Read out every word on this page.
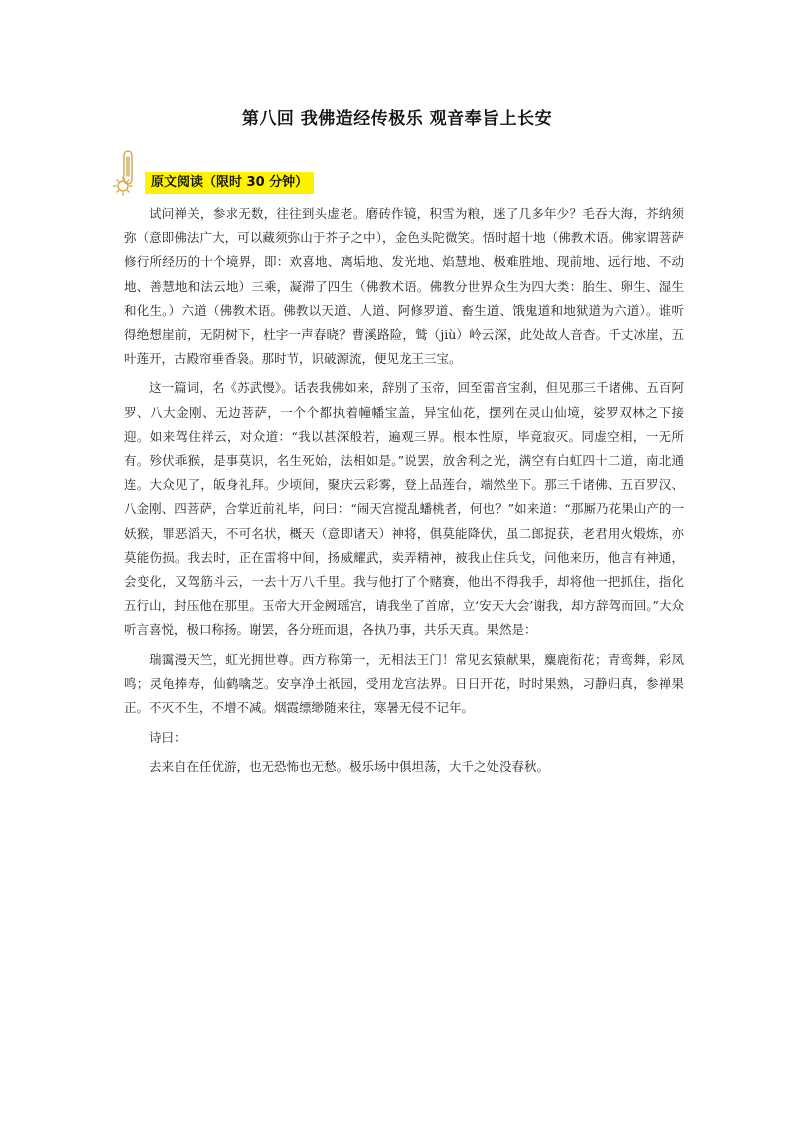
第八回 我佛造经传极乐 观音奉旨上长安
原文阅读（限时 30 分钟）

试问禅关，参求无数，往往到头虚老。磨砖作镜，积雪为粮，迷了几多年少？毛吞大海，芥纳须弥（意即佛法广大，可以藏须弥山于芥子之中），金色头陀微笑。悟时超十地（佛教术语。佛家谓菩萨修行所经历的十个境界，即：欢喜地、离垢地、发光地、焰慧地、极难胜地、现前地、远行地、不动地、善慧地和法云地）三乘，凝滞了四生（佛教术语。佛教分世界众生为四大类：胎生、卵生、湿生和化生。）六道（佛教术语。佛教以天道、人道、阿修罗道、畜生道、饿鬼道和地狱道为六道）。谁听得绝想崖前，无阴树下，杜宇一声春晓？曹溪路险，鹫（jiù）岭云深，此处故人音杳。千丈冰崖，五叶莲开，古殿帘垂香袅。那时节，识破源流，便见龙王三宝。

这一篇词，名《苏武慢》。话表我佛如来，辞别了玉帝，回至雷音宝刹，但见那三千诸佛、五百阿罗、八大金刚、无边菩萨，一个个都执着幢幡宝盖，异宝仙花，摆列在灵山仙境，娑罗双林之下接迎。如来驾住祥云，对众道：“我以甚深般若，遍观三界。根本性原，毕竟寂灭。同虚空相，一无所有。殄伏乖猴，是事莫识，名生死始，法相如是。”说罢，放舍利之光，满空有白虹四十二道，南北通连。大众见了，皈身礼拜。少顷间，聚庆云彩雾，登上品莲台，端然坐下。那三千诸佛、五百罗汉、八金刚、四菩萨，合掌近前礼毕，问曰：“闹天宫搅乱蟠桃者，何也？”如来道：“那厮乃花果山产的一妖猴，罪恶滔天，不可名状，概天（意即诸天）神将，俱莫能降伏，虽二郎捉获，老君用火煅炼，亦莫能伤损。我去时，正在雷将中间，扬威耀武，卖弄精神，被我止住兵戈，问他来历，他言有神通，会变化，又驾筋斗云，一去十万八千里。我与他打了个赌赛，他出不得我手，却将他一把抓住，指化五行山，封压他在那里。玉帝大开金阙瑶宫，请我坐了首席，立‘安天大会’谢我，却方辞驾而回。”大众听言喜悦，极口称扬。谢罢，各分班而退，各执乃事，共乐天真。果然是：

瑞霭漫天竺，虹光拥世尊。西方称第一，无相法王门！常见玄猿献果，麋鹿衔花；青鸾舞，彩凤鸣；灵龟捧寿，仙鹤噙芝。安享净土祇园，受用龙宫法界。日日开花，时时果熟，习静归真，参禅果正。不灭不生，不增不减。烟霞缥缈随来往，寒暑无侵不记年。

诗曰：

去来自在任优游，也无恐怖也无愁。极乐场中俱坦荡，大千之处没春秋。
